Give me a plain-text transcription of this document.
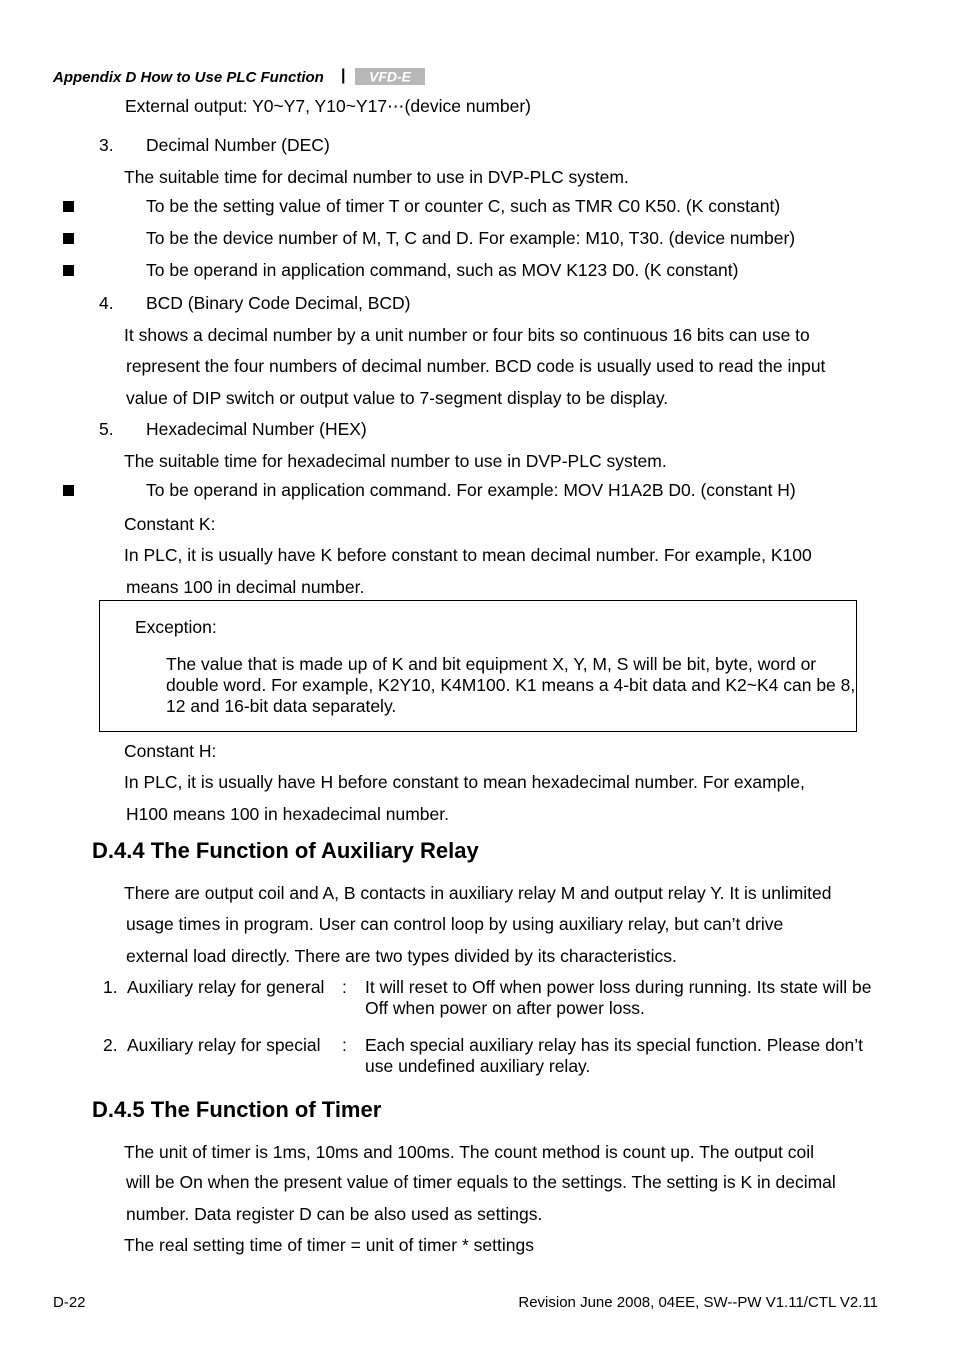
Appendix D How to Use PLC Function | VFD-E
External output: Y0~Y7, Y10~Y17⋯(device number)
3. Decimal Number (DEC)
The suitable time for decimal number to use in DVP-PLC system.
To be the setting value of timer T or counter C, such as TMR C0 K50. (K constant)
To be the device number of M, T, C and D. For example: M10, T30. (device number)
To be operand in application command, such as MOV K123 D0. (K constant)
4. BCD (Binary Code Decimal, BCD)
It shows a decimal number by a unit number or four bits so continuous 16 bits can use to
represent the four numbers of decimal number. BCD code is usually used to read the input
value of DIP switch or output value to 7-segment display to be display.
5. Hexadecimal Number (HEX)
The suitable time for hexadecimal number to use in DVP-PLC system.
To be operand in application command. For example: MOV H1A2B D0. (constant H)
Constant K:
In PLC, it is usually have K before constant to mean decimal number. For example, K100
means 100 in decimal number.
Exception:
The value that is made up of K and bit equipment X, Y, M, S will be bit, byte, word or double word. For example, K2Y10, K4M100. K1 means a 4-bit data and K2~K4 can be 8, 12 and 16-bit data separately.
Constant H:
In PLC, it is usually have H before constant to mean hexadecimal number. For example,
H100 means 100 in hexadecimal number.
D.4.4 The Function of Auxiliary Relay
There are output coil and A, B contacts in auxiliary relay M and output relay Y. It is unlimited
usage times in program. User can control loop by using auxiliary relay, but can’t drive
external load directly. There are two types divided by its characteristics.
1. Auxiliary relay for general : It will reset to Off when power loss during running. Its state will be Off when power on after power loss.
2. Auxiliary relay for special : Each special auxiliary relay has its special function. Please don’t use undefined auxiliary relay.
D.4.5 The Function of Timer
The unit of timer is 1ms, 10ms and 100ms. The count method is count up. The output coil
will be On when the present value of timer equals to the settings. The setting is K in decimal
number. Data register D can be also used as settings.
The real setting time of timer = unit of timer * settings
D-22	Revision June 2008, 04EE, SW--PW V1.11/CTL V2.11
